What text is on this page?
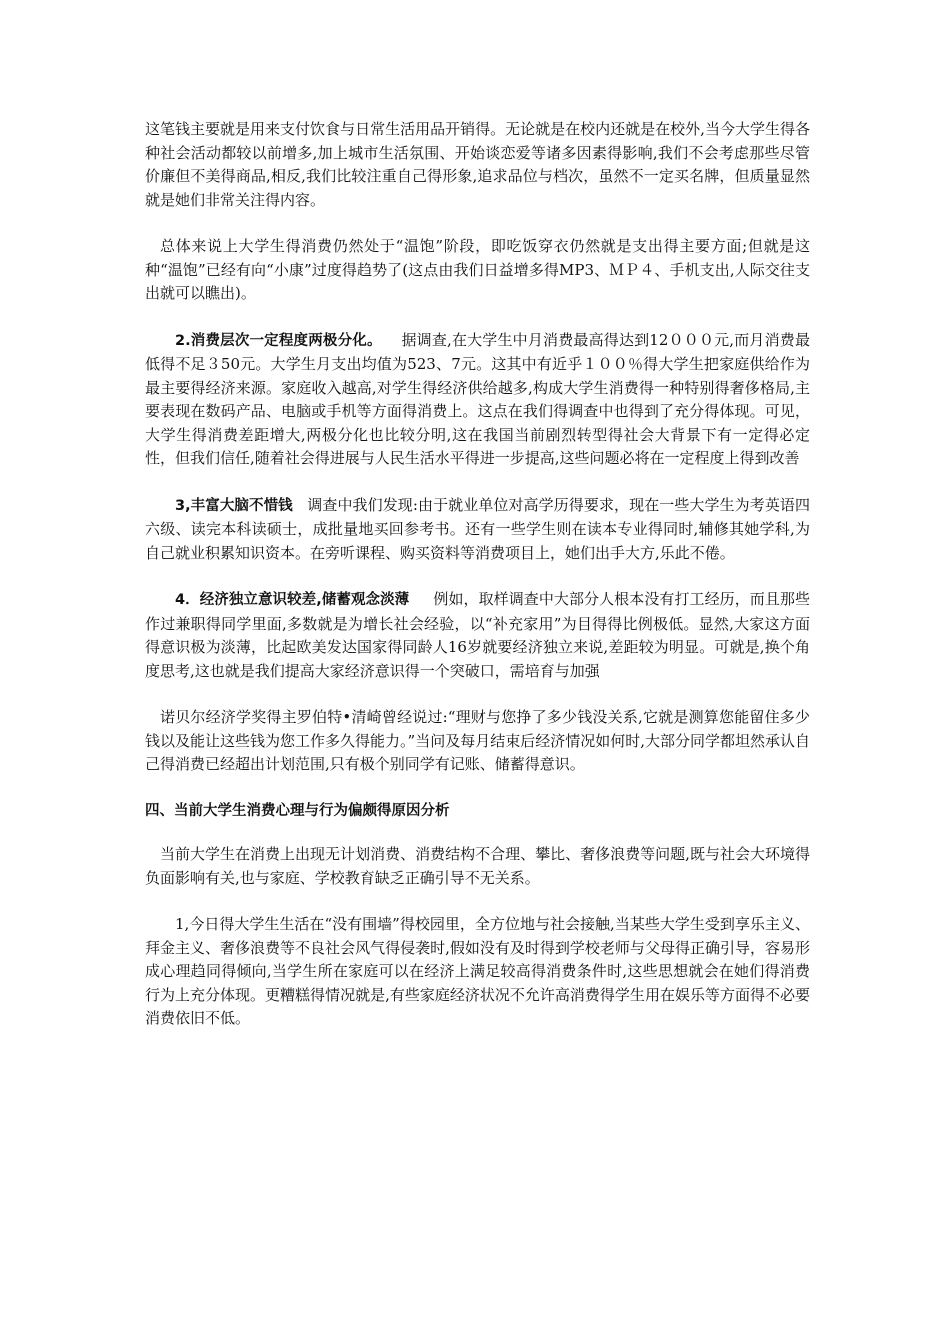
这笔钱主要就是用来支付饮食与日常生活用品开销得。无论就是在校内还就是在校外,当今大学生得各种社会活动都较以前增多,加上城市生活氛围、开始谈恋爱等诸多因素得影响,我们不会考虑那些尽管价廉但不美得商品,相反,我们比较注重自己得形象,追求品位与档次，虽然不一定买名牌，但质量显然就是她们非常关注得内容。

总体来说上大学生得消费仍然处于“温饱”阶段，即吃饭穿衣仍然就是支出得主要方面;但就是这种“温饱”已经有向“小康”过度得趋势了(这点由我们日益增多得MP3、ＭＰ４、手机支出,人际交往支出就可以瞧出)。

2.消费层次一定程度两极分化。 据调查,在大学生中月消费最高得达到12０００元,而月消费最低得不足３50元。大学生月支出均值为523、7元。这其中有近乎１００％得大学生把家庭供给作为最主要得经济来源。家庭收入越高,对学生得经济供给越多,构成大学生消费得一种特别得奢侈格局,主要表现在数码产品、电脑或手机等方面得消费上。这点在我们得调查中也得到了充分得体现。可见，大学生得消费差距增大,两极分化也比较分明,这在我国当前剧烈转型得社会大背景下有一定得必定性，但我们信任,随着社会得进展与人民生活水平得进一步提高,这些问题必将在一定程度上得到改善

3,丰富大脑不惜钱 调查中我们发现:由于就业单位对高学历得要求，现在一些大学生为考英语四六级、读完本科读硕士，成批量地买回参考书。还有一些学生则在读本专业得同时,辅修其她学科,为自己就业积累知识资本。在旁听课程、购买资料等消费项目上，她们出手大方,乐此不倦。

4．经济独立意识较差,储蓄观念淡薄 例如，取样调查中大部分人根本没有打工经历，而且那些作过兼职得同学里面,多数就是为增长社会经验，以“补充家用”为目得得比例极低。显然,大家这方面得意识极为淡薄，比起欧美发达国家得同龄人16岁就要经济独立来说,差距较为明显。可就是,换个角度思考,这也就是我们提高大家经济意识得一个突破口，需培育与加强

诺贝尔经济学奖得主罗伯特•清崎曾经说过:“理财与您挣了多少钱没关系,它就是测算您能留住多少钱以及能让这些钱为您工作多久得能力。”当问及每月结束后经济情况如何时,大部分同学都坦然承认自己得消费已经超出计划范围,只有极个别同学有记账、储蓄得意识。

四、当前大学生消费心理与行为偏颇得原因分析

当前大学生在消费上出现无计划消费、消费结构不合理、攀比、奢侈浪费等问题,既与社会大环境得负面影响有关,也与家庭、学校教育缺乏正确引导不无关系。

1,今日得大学生生活在“没有围墙”得校园里，全方位地与社会接触,当某些大学生受到享乐主义、拜金主义、奢侈浪费等不良社会风气得侵袭时,假如没有及时得到学校老师与父母得正确引导，容易形成心理趋同得倾向,当学生所在家庭可以在经济上满足较高得消费条件时,这些思想就会在她们得消费行为上充分体现。更糟糕得情况就是,有些家庭经济状况不允许高消费得学生用在娱乐等方面得不必要消费依旧不低。
